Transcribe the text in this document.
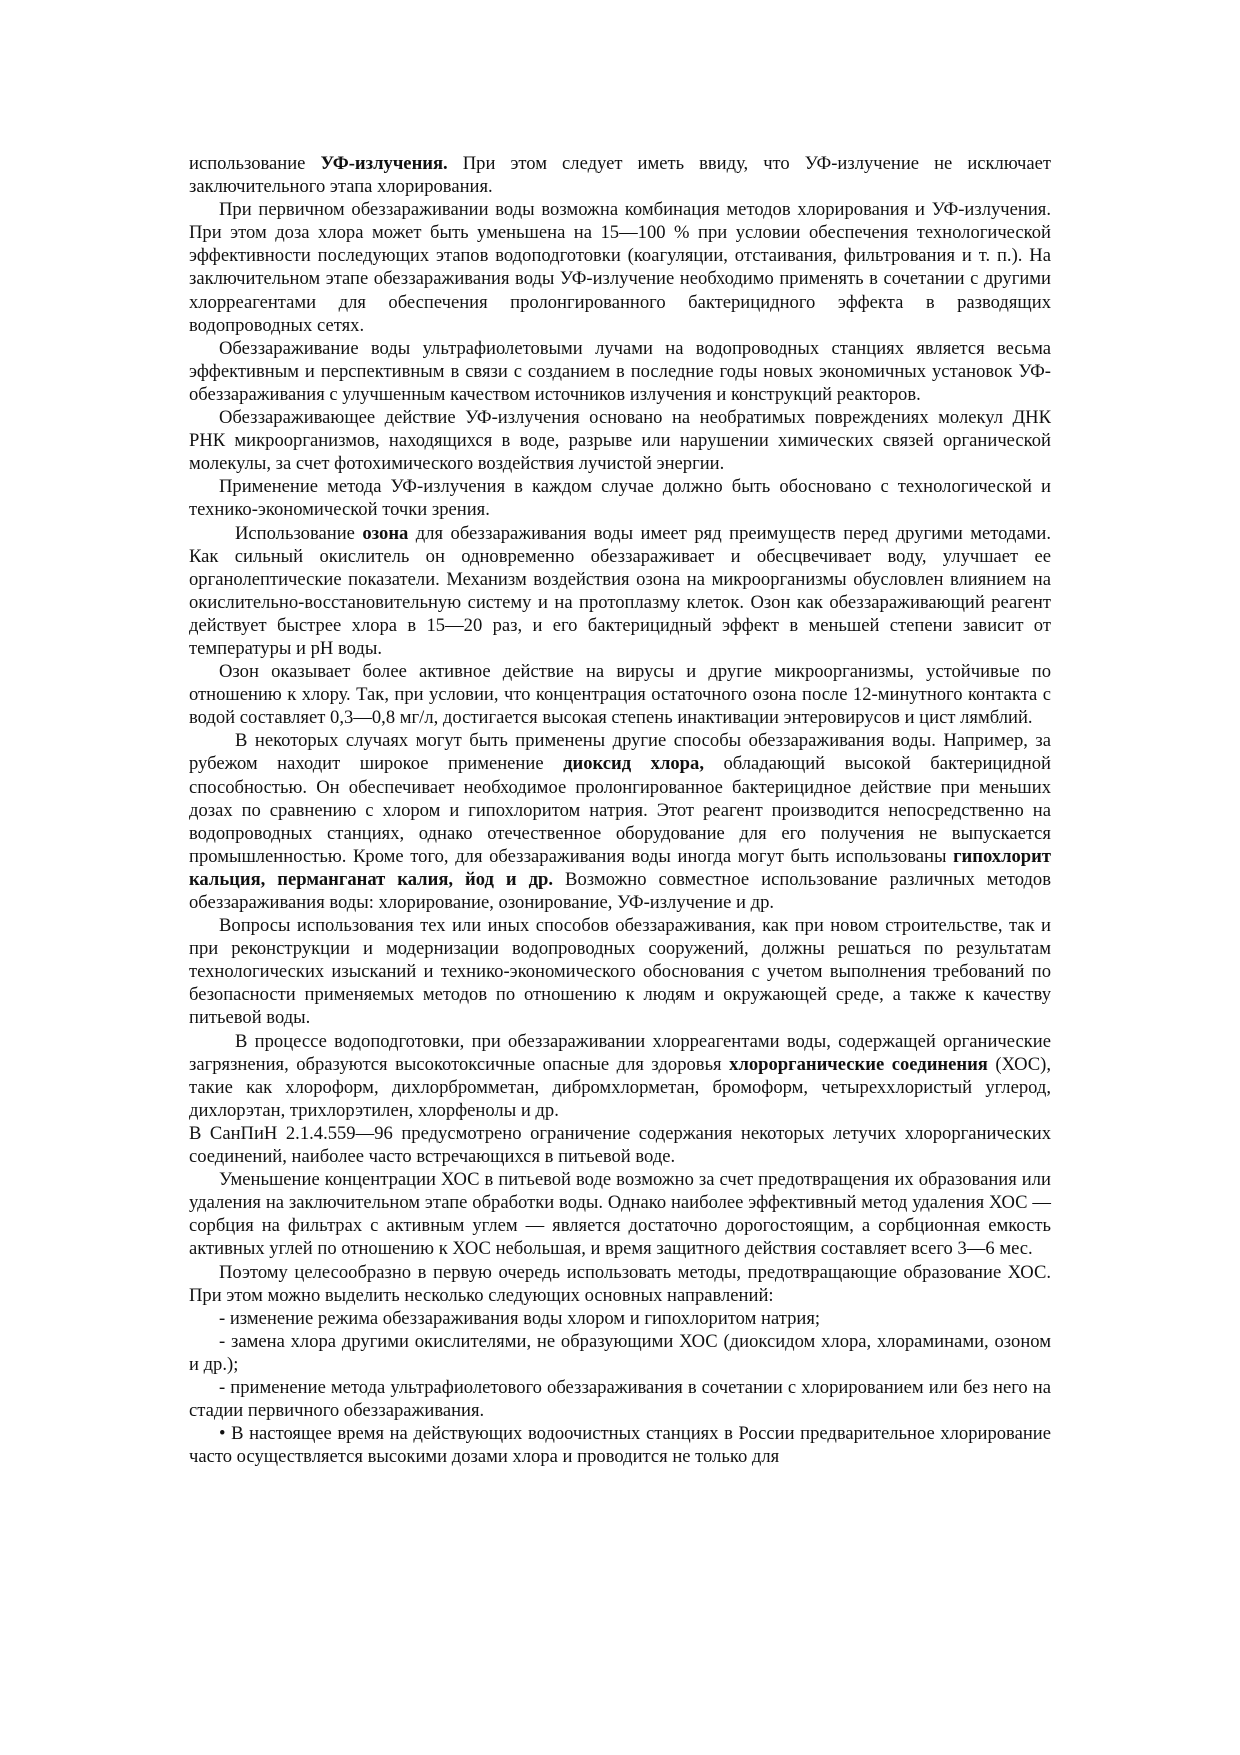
использование УФ-излучения. При этом следует иметь ввиду, что УФ-излучение не исключает заключительного этапа хлорирования.

При первичном обеззараживании воды возможна комбинация методов хлорирования и УФ-излучения. При этом доза хлора может быть уменьшена на 15—100 % при условии обеспечения технологической эффективности последующих этапов водоподготовки (коагуляции, отстаивания, фильтрования и т. п.). На заключительном этапе обеззараживания воды УФ-излучение необходимо применять в сочетании с другими хлорреагентами для обеспечения пролонгированного бактерицидного эффекта в разводящих водопроводных сетях.

Обеззараживание воды ультрафиолетовыми лучами на водопроводных станциях является весьма эффективным и перспективным в связи с созданием в последние годы новых экономичных установок УФ-обеззараживания с улучшенным качеством источников излучения и конструкций реакторов.

Обеззараживающее действие УФ-излучения основано на необратимых повреждениях молекул ДНК РНК микроорганизмов, находящихся в воде, разрыве или нарушении химических связей органической молекулы, за счет фотохимического воздействия лучистой энергии.

Применение метода УФ-излучения в каждом случае должно быть обосновано с технологической и технико-экономической точки зрения.

Использование озона для обеззараживания воды имеет ряд преимуществ перед другими методами. Как сильный окислитель он одновременно обеззараживает и обесцвечивает воду, улучшает ее органолептические показатели. Механизм воздействия озона на микроорганизмы обусловлен влиянием на окислительно-восстановительную систему и на протоплазму клеток. Озон как обеззараживающий реагент действует быстрее хлора в 15—20 раз, и его бактерицидный эффект в меньшей степени зависит от температуры и pH воды.

Озон оказывает более активное действие на вирусы и другие микроорганизмы, устойчивые по отношению к хлору. Так, при условии, что концентрация остаточного озона после 12-минутного контакта с водой составляет 0,3—0,8 мг/л, достигается высокая степень инактивации энтеровирусов и цист лямблий.

В некоторых случаях могут быть применены другие способы обеззараживания воды. Например, за рубежом находит широкое применение диоксид хлора, обладающий высокой бактерицидной способностью. Он обеспечивает необходимое пролонгированное бактерицидное действие при меньших дозах по сравнению с хлором и гипохлоритом натрия. Этот реагент производится непосредственно на водопроводных станциях, однако отечественное оборудование для его получения не выпускается промышленностью. Кроме того, для обеззараживания воды иногда могут быть использованы гипохлорит кальция, перманганат калия, йод и др. Возможно совместное использование различных методов обеззараживания воды: хлорирование, озонирование, УФ-излучение и др.

Вопросы использования тех или иных способов обеззараживания, как при новом строительстве, так и при реконструкции и модернизации водопроводных сооружений, должны решаться по результатам технологических изысканий и технико-экономического обоснования с учетом выполнения требований по безопасности применяемых методов по отношению к людям и окружающей среде, а также к качеству питьевой воды.

В процессе водоподготовки, при обеззараживании хлорреагентами воды, содержащей органические загрязнения, образуются высокотоксичные опасные для здоровья хлорорганические соединения (ХОС), такие как хлороформ, дихлорбромметан, дибромхлорметан, бромоформ, четыреххлористый углерод, дихлорэтан, трихлорэтилен, хлорфенолы и др.

В СанПиН 2.1.4.559—96 предусмотрено ограничение содержания некоторых летучих хлорорганических соединений, наиболее часто встречающихся в питьевой воде.

Уменьшение концентрации ХОС в питьевой воде возможно за счет предотвращения их образования или удаления на заключительном этапе обработки воды. Однако наиболее эффективный метод удаления ХОС — сорбция на фильтрах с активным углем — является достаточно дорогостоящим, а сорбционная емкость активных углей по отношению к ХОС небольшая, и время защитного действия составляет всего 3—6 мес.

Поэтому целесообразно в первую очередь использовать методы, предотвращающие образование ХОС. При этом можно выделить несколько следующих основных направлений:

- изменение режима обеззараживания воды хлором и гипохлоритом натрия;

- замена хлора другими окислителями, не образующими ХОС (диоксидом хлора, хлораминами, озоном и др.);

- применение метода ультрафиолетового обеззараживания в сочетании с хлорированием или без него на стадии первичного обеззараживания.

• В настоящее время на действующих водоочистных станциях в России предварительное хлорирование часто осуществляется высокими дозами хлора и проводится не только для
